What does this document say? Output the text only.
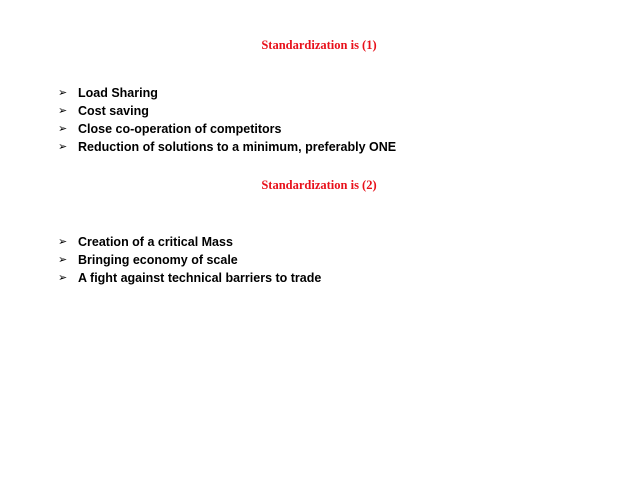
Standardization is (1)
➢ Load Sharing
➢ Cost saving
➢ Close co-operation of competitors
➢ Reduction of solutions to a minimum, preferably ONE
Standardization is (2)
➢ Creation of a critical Mass
➢ Bringing economy of scale
➢ A fight against technical barriers to trade
